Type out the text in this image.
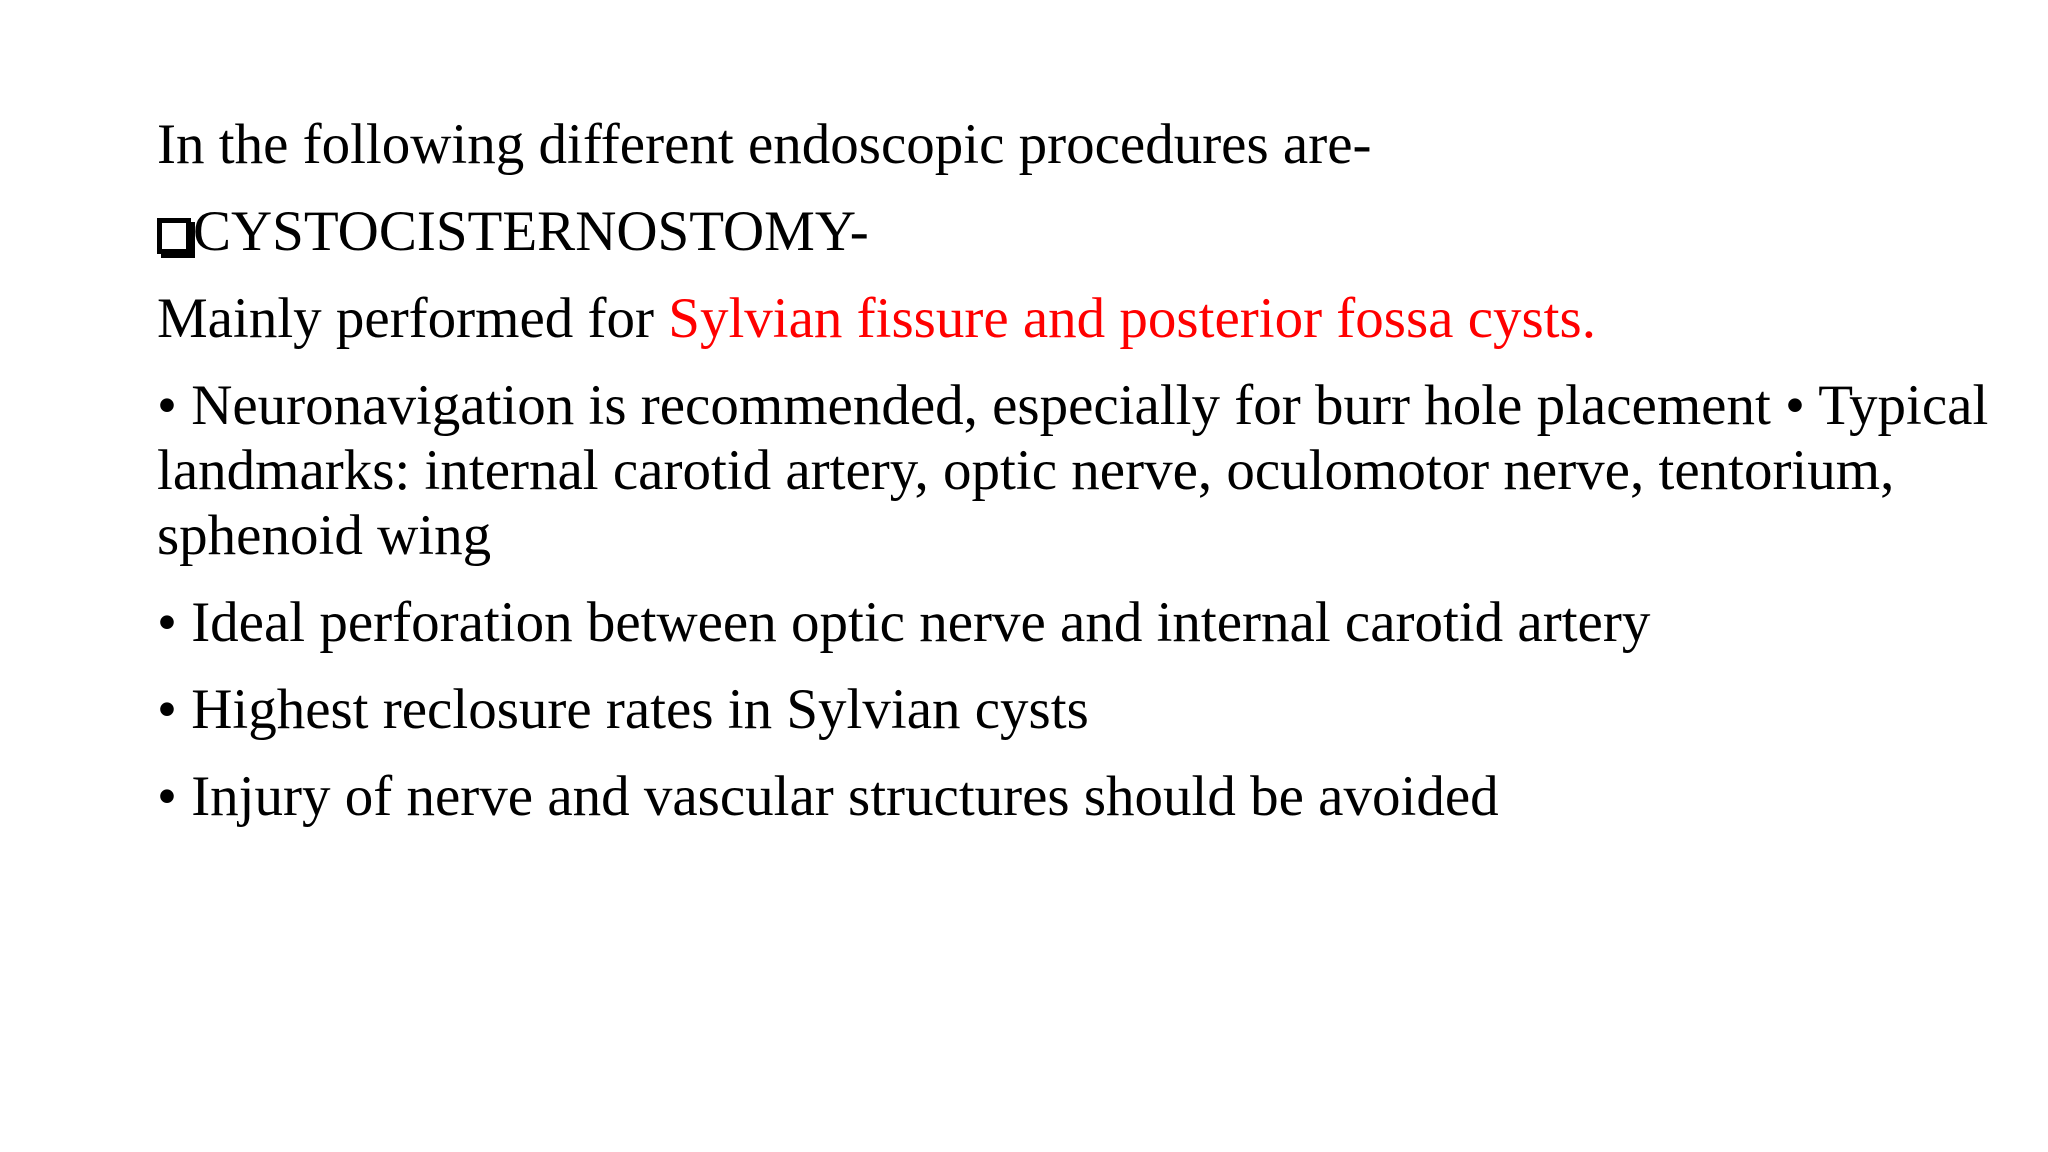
In the following different endoscopic procedures are-

CYSTOCISTERNOSTOMY-

Mainly performed for Sylvian fissure and posterior fossa cysts.

• Neuronavigation is recommended, especially for burr hole placement • Typical landmarks: internal carotid artery, optic nerve, oculomotor nerve, tentorium, sphenoid wing

• Ideal perforation between optic nerve and internal carotid artery

• Highest reclosure rates in Sylvian cysts

• Injury of nerve and vascular structures should be avoided
